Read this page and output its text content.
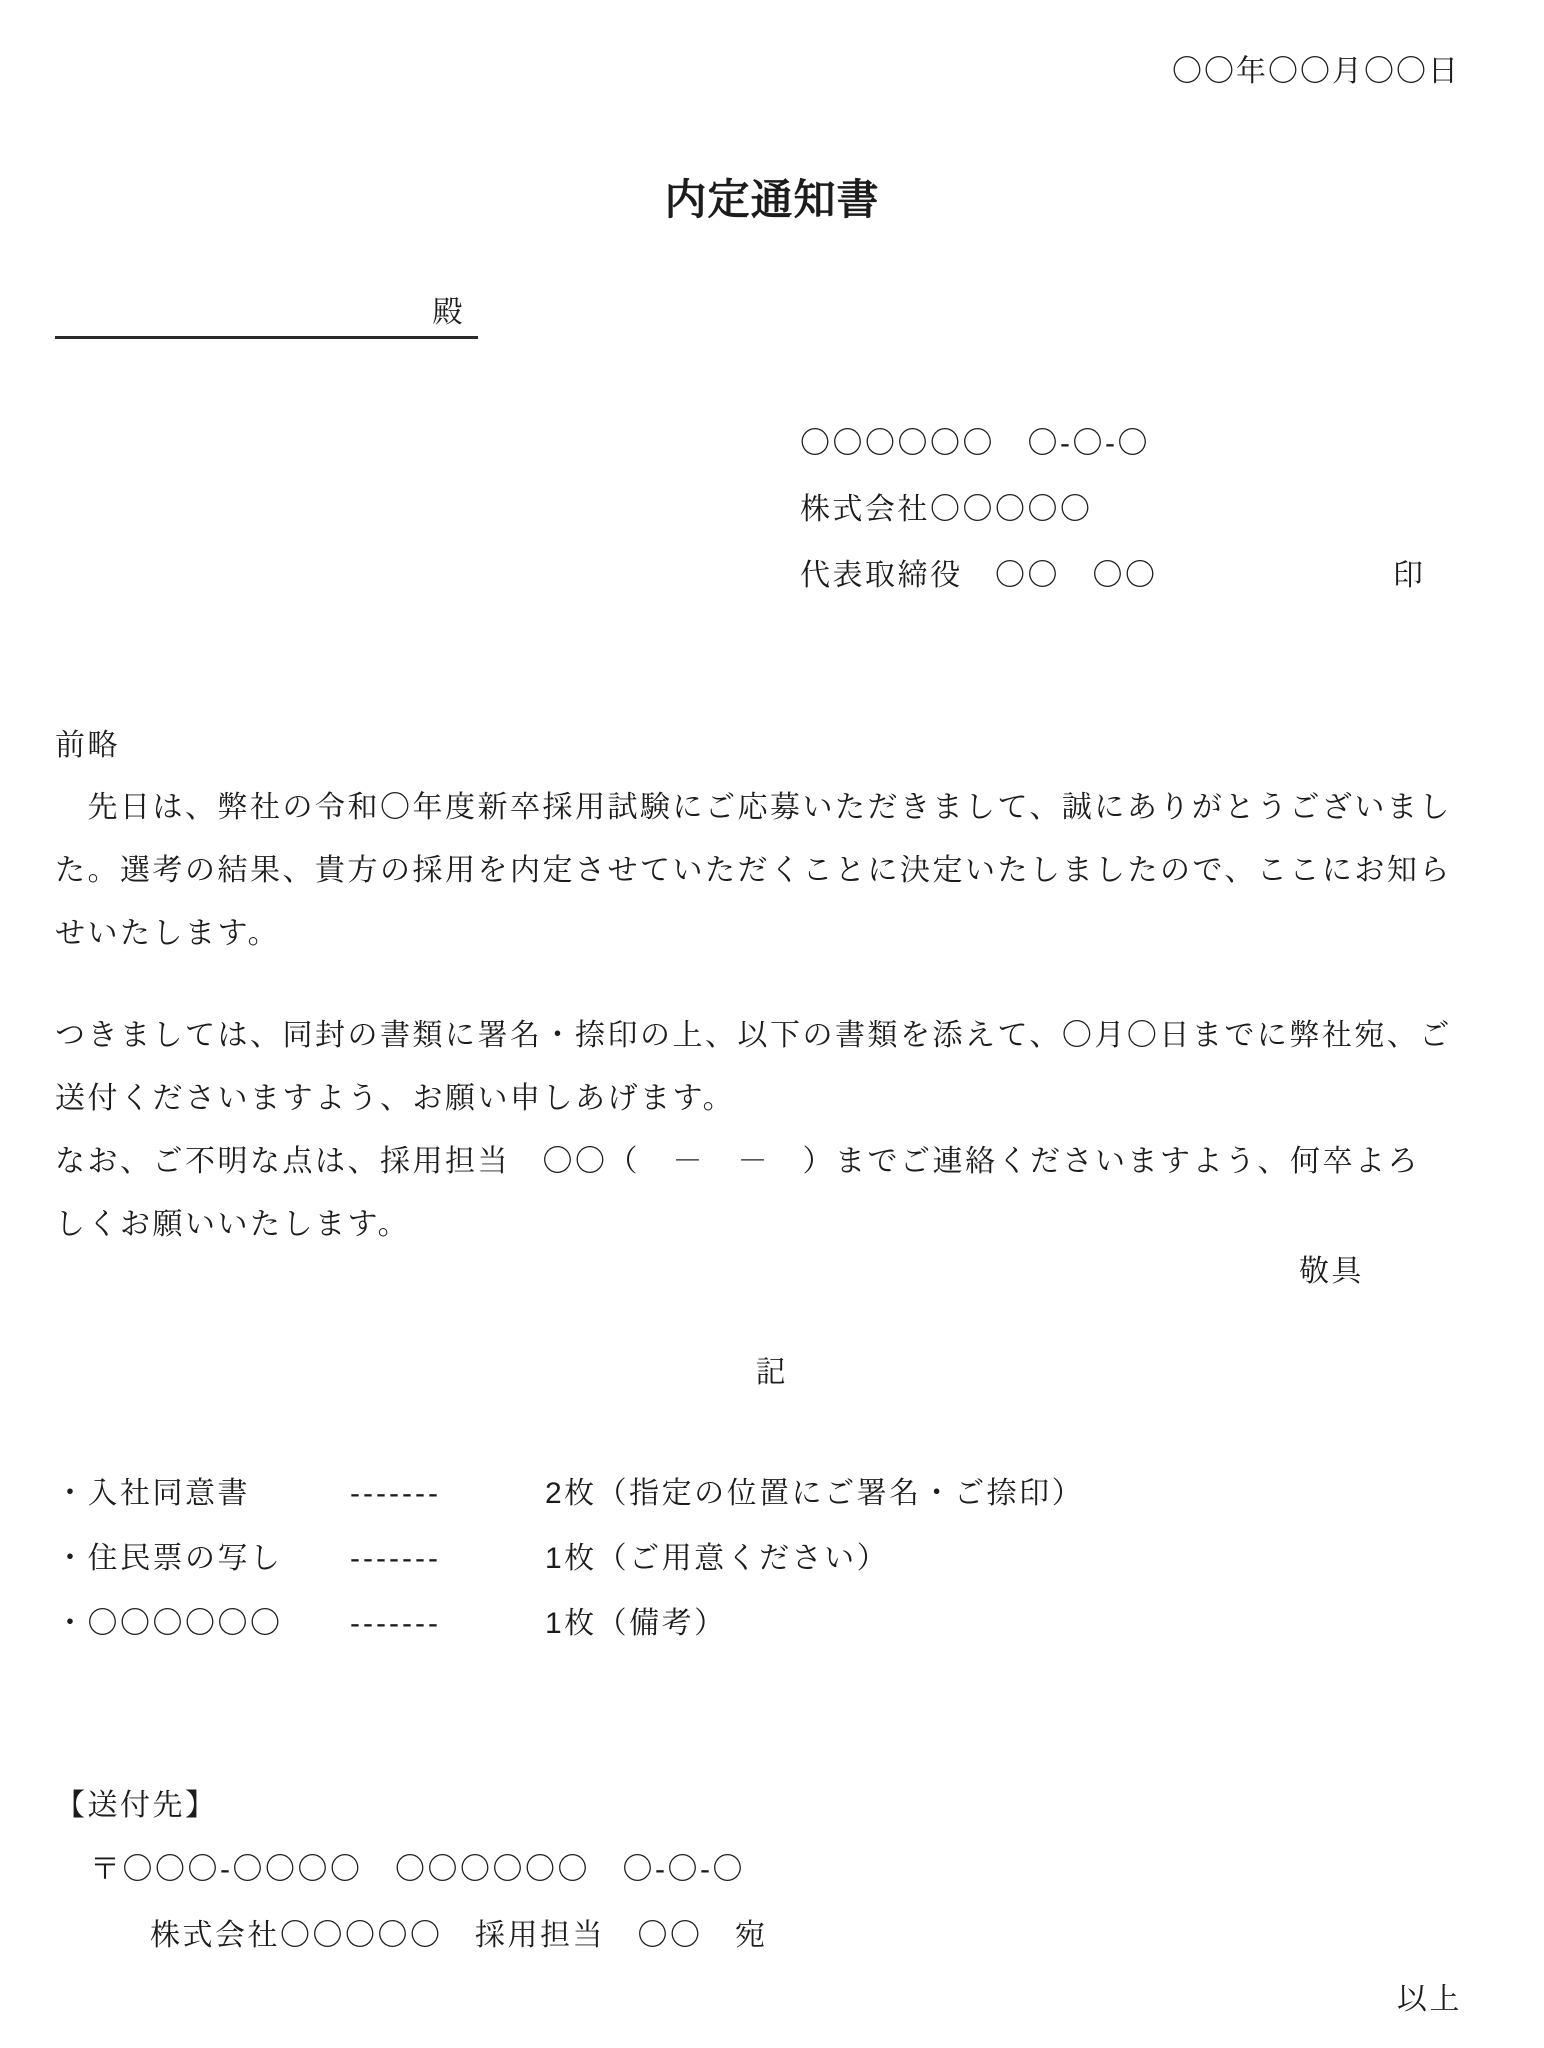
〇〇年〇〇月〇〇日
内定通知書
殿
〇〇〇〇〇〇　〇-〇-〇
株式会社〇〇〇〇〇
代表取締役　〇〇　〇〇	印
前略
　先日は、弊社の令和〇年度新卒採用試験にご応募いただきまして、誠にありがとうございまし
た。選考の結果、貴方の採用を内定させていただくことに決定いたしましたので、ここにお知ら
せいたします。
つきましては、同封の書類に署名・捺印の上、以下の書類を添えて、〇月〇日までに弊社宛、ご
送付くださいますよう、お願い申しあげます。
なお、ご不明な点は、採用担当　〇〇（　－　－　）までご連絡くださいますよう、何卒よろ
しくお願いいたします。
敬具
記
・入社同意書	-------	2枚（指定の位置にご署名・ご捺印）
・住民票の写し	-------	1枚（ご用意ください）
・〇〇〇〇〇〇	-------	1枚（備考）
【送付先】
〒〇〇〇-〇〇〇〇　〇〇〇〇〇〇　〇-〇-〇
株式会社〇〇〇〇〇　採用担当　〇〇　宛
以上
